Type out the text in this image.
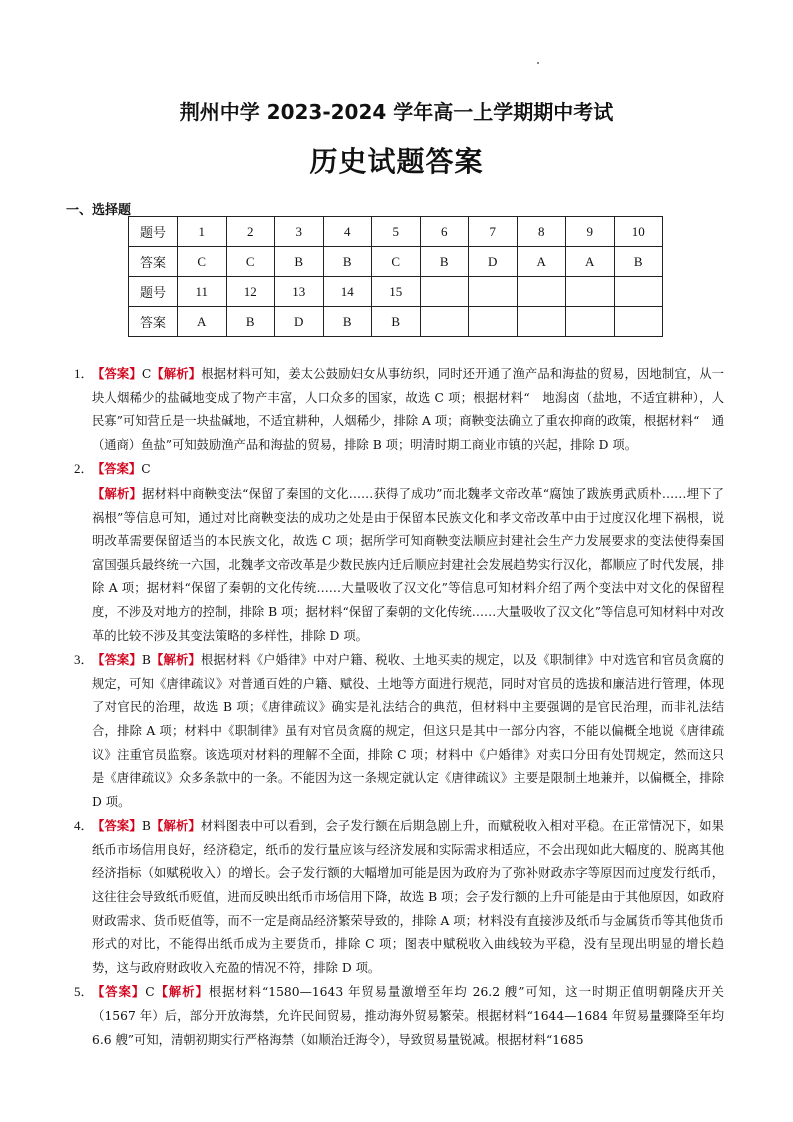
荆州中学 2023-2024 学年高一上学期期中考试
历史试题答案
一、选择题
题号	1	2	3	4	5	6	7	8	9	10
答案	C	C	B	B	C	B	D	A	A	B
题号	11	12	13	14	15					
答案	A	B	D	B	B					
1．
【答案】C【解析】根据材料可知，姜太公鼓励妇女从事纺织，同时还开通了渔产品和海盐的贸易，因地制宜，从一块人烟稀少的盐碱地变成了物产丰富，人口众多的国家，故选 C 项；根据材料“　地潟卤（盐地，不适宜耕种），人民寡”可知营丘是一块盐碱地，不适宜耕种，人烟稀少，排除 A 项；商鞅变法确立了重农抑商的政策，根据材料“　通（通商）鱼盐”可知鼓励渔产品和海盐的贸易，排除 B 项；明清时期工商业市镇的兴起，排除 D 项。
2．
【答案】C
【解析】据材料中商鞅变法“保留了秦国的文化……获得了成功”而北魏孝文帝改革“腐蚀了跋族勇武质朴……埋下了祸根”等信息可知，通过对比商鞅变法的成功之处是由于保留本民族文化和孝文帝改革中由于过度汉化埋下祸根，说明改革需要保留适当的本民族文化，故选 C 项；据所学可知商鞅变法顺应封建社会生产力发展要求的变法使得秦国富国强兵最终统一六国，北魏孝文帝改革是少数民族内迁后顺应封建社会发展趋势实行汉化，都顺应了时代发展，排除 A 项；据材料“保留了秦朝的文化传统……大量吸收了汉文化”等信息可知材料介绍了两个变法中对文化的保留程度，不涉及对地方的控制，排除 B 项；据材料“保留了秦朝的文化传统……大量吸收了汉文化”等信息可知材料中对改革的比较不涉及其变法策略的多样性，排除 D 项。
3．
【答案】B【解析】根据材料《户婚律》中对户籍、税收、土地买卖的规定，以及《职制律》中对选官和官员贪腐的规定，可知《唐律疏议》对普通百姓的户籍、赋役、土地等方面进行规范，同时对官员的选拔和廉洁进行管理，体现了对官民的治理，故选 B 项；《唐律疏议》确实是礼法结合的典范，但材料中主要强调的是官民治理，而非礼法结合，排除 A 项；材料中《职制律》虽有对官员贪腐的规定，但这只是其中一部分内容，不能以偏概全地说《唐律疏议》注重官员监察。该选项对材料的理解不全面，排除 C 项；材料中《户婚律》对卖口分田有处罚规定，然而这只是《唐律疏议》众多条款中的一条。不能因为这一条规定就认定《唐律疏议》主要是限制土地兼并，以偏概全，排除 D 项。
4．
【答案】B【解析】材料图表中可以看到，会子发行额在后期急剧上升，而赋税收入相对平稳。在正常情况下，如果纸币市场信用良好，经济稳定，纸币的发行量应该与经济发展和实际需求相适应，不会出现如此大幅度的、脱离其他经济指标（如赋税收入）的增长。会子发行额的大幅增加可能是因为政府为了弥补财政赤字等原因而过度发行纸币，这往往会导致纸币贬值，进而反映出纸币市场信用下降，故选 B 项；会子发行额的上升可能是由于其他原因，如政府财政需求、货币贬值等，而不一定是商品经济繁荣导致的，排除 A 项；材料没有直接涉及纸币与金属货币等其他货币形式的对比，不能得出纸币成为主要货币，排除 C 项；图表中赋税收入曲线较为平稳，没有呈现出明显的增长趋势，这与政府财政收入充盈的情况不符，排除 D 项。
5．
【答案】C【解析】根据材料“1580—1643 年贸易量激增至年均 26.2 艘”可知，这一时期正值明朝隆庆开关（1567 年）后，部分开放海禁，允许民间贸易，推动海外贸易繁荣。根据材料“1644—1684 年贸易量骤降至年均 6.6 艘”可知，清朝初期实行严格海禁（如顺治迁海令），导致贸易量锐减。根据材料“1685
